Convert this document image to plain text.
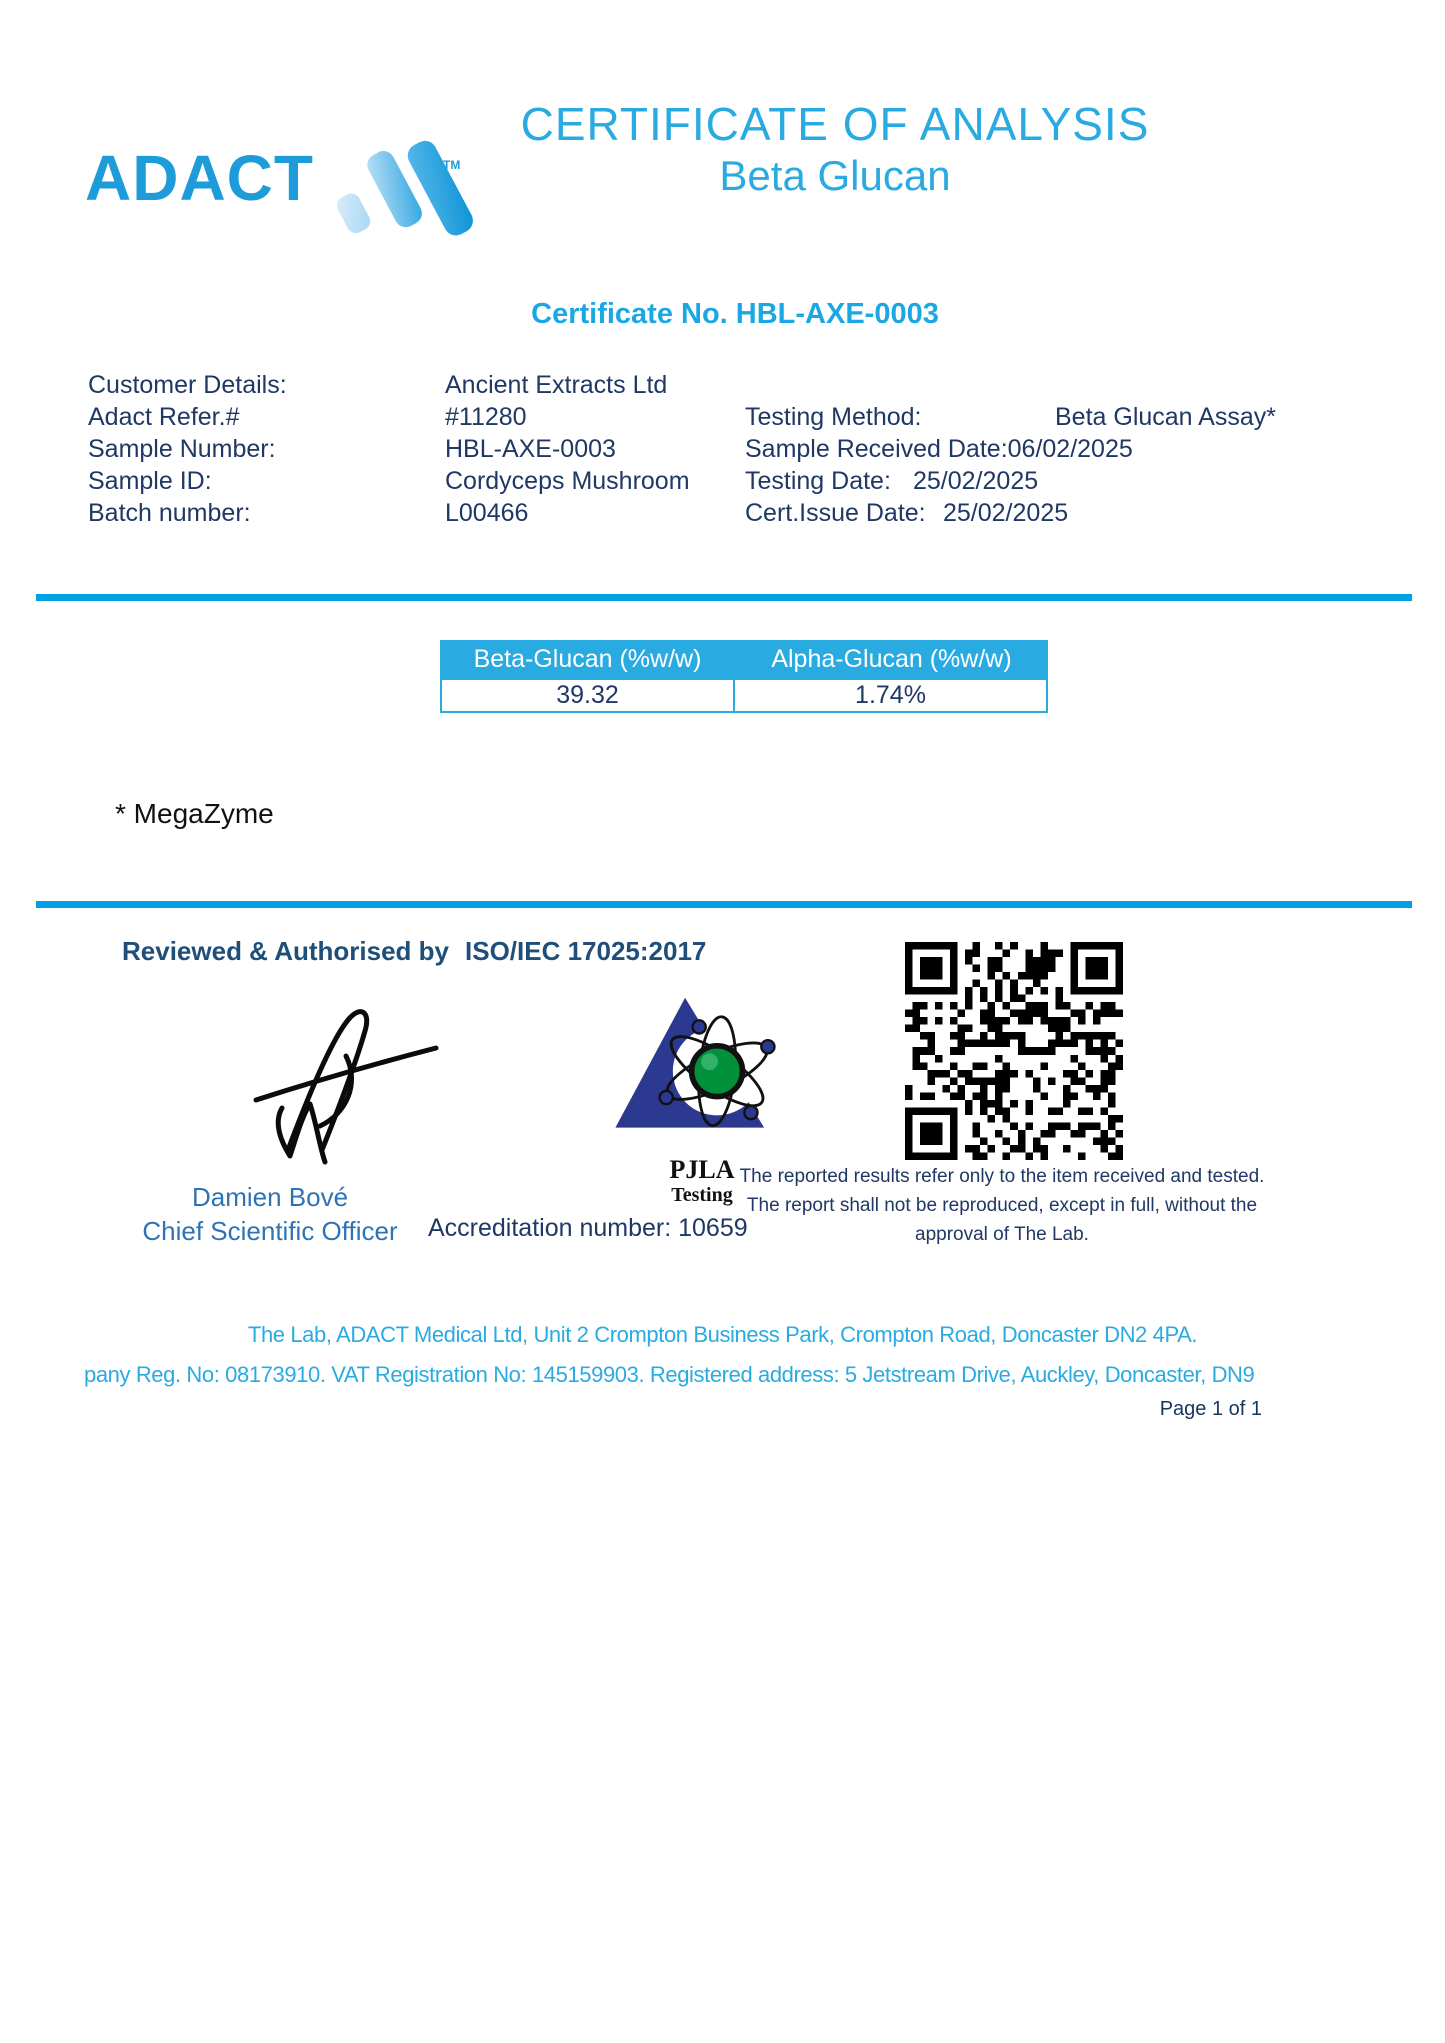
ADACT	TM
CERTIFICATE OF ANALYSIS
Beta Glucan
Certificate No. HBL-AXE-0003
Customer Details:	Ancient Extracts Ltd
Adact Refer.#	#11280
Sample Number:	HBL-AXE-0003
Sample ID:	Cordyceps Mushroom
Batch number:	L00466
Testing Method:	Beta Glucan Assay*
Sample Received Date:06/02/2025
Testing Date: 25/02/2025
Cert.Issue Date: 25/02/2025
Beta-Glucan (%w/w)	Alpha-Glucan (%w/w)
39.32	1.74%
* MegaZyme
Reviewed & Authorised by ISO/IEC 17025:2017
Damien Bové
Chief Scientific Officer	Accreditation number: 10659
PJLA
Testing
The reported results refer only to the item received and tested. The report shall not be reproduced, except in full, without the approval of The Lab.
The Lab, ADACT Medical Ltd, Unit 2 Crompton Business Park, Crompton Road, Doncaster DN2 4PA.
pany Reg. No: 08173910. VAT Registration No: 145159903. Registered address: 5 Jetstream Drive, Auckley, Doncaster, DN9
Page 1 of 1
